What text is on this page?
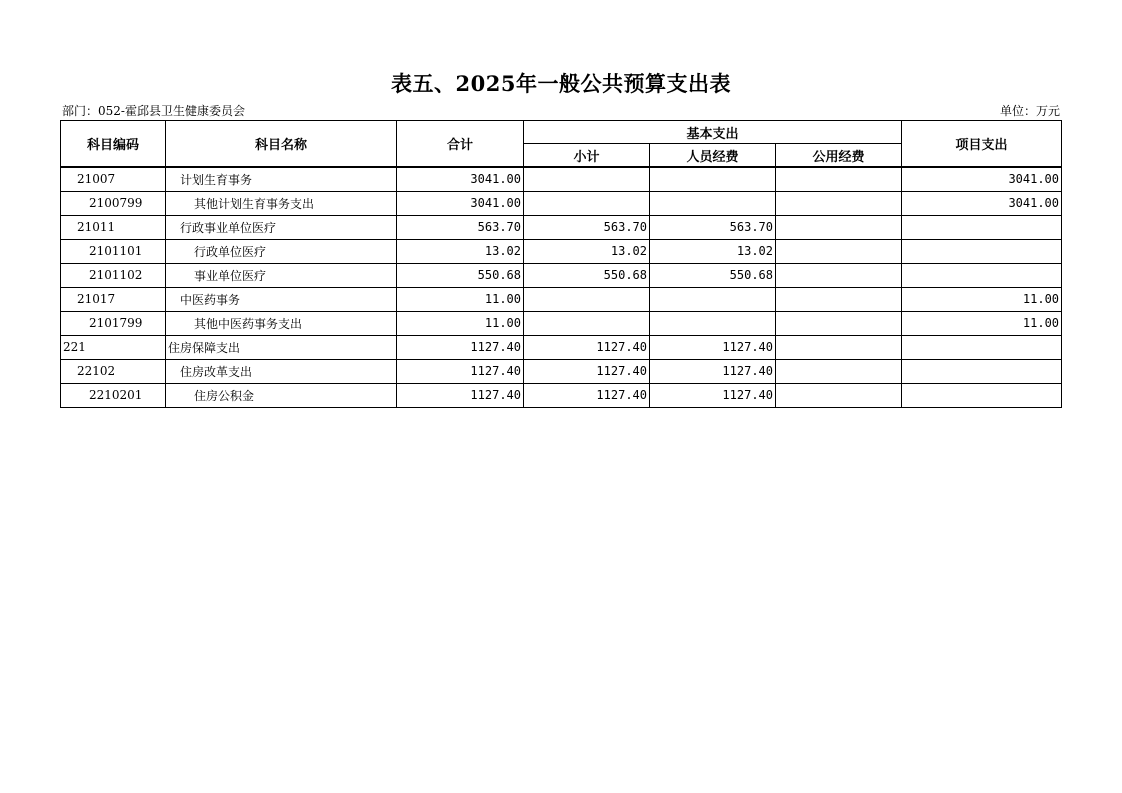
表五、2025年一般公共预算支出表
部门：052-霍邱县卫生健康委员会	单位：万元
科目编码	科目名称	合计	基本支出			项目支出
			小计	人员经费	公用经费	
21007	计划生育事务	3041.00				3041.00
2100799	其他计划生育事务支出	3041.00				3041.00
21011	行政事业单位医疗	563.70	563.70	563.70		
2101101	行政单位医疗	13.02	13.02	13.02		
2101102	事业单位医疗	550.68	550.68	550.68		
21017	中医药事务	11.00				11.00
2101799	其他中医药事务支出	11.00				11.00
221	住房保障支出	1127.40	1127.40	1127.40		
22102	住房改革支出	1127.40	1127.40	1127.40		
2210201	住房公积金	1127.40	1127.40	1127.40		
